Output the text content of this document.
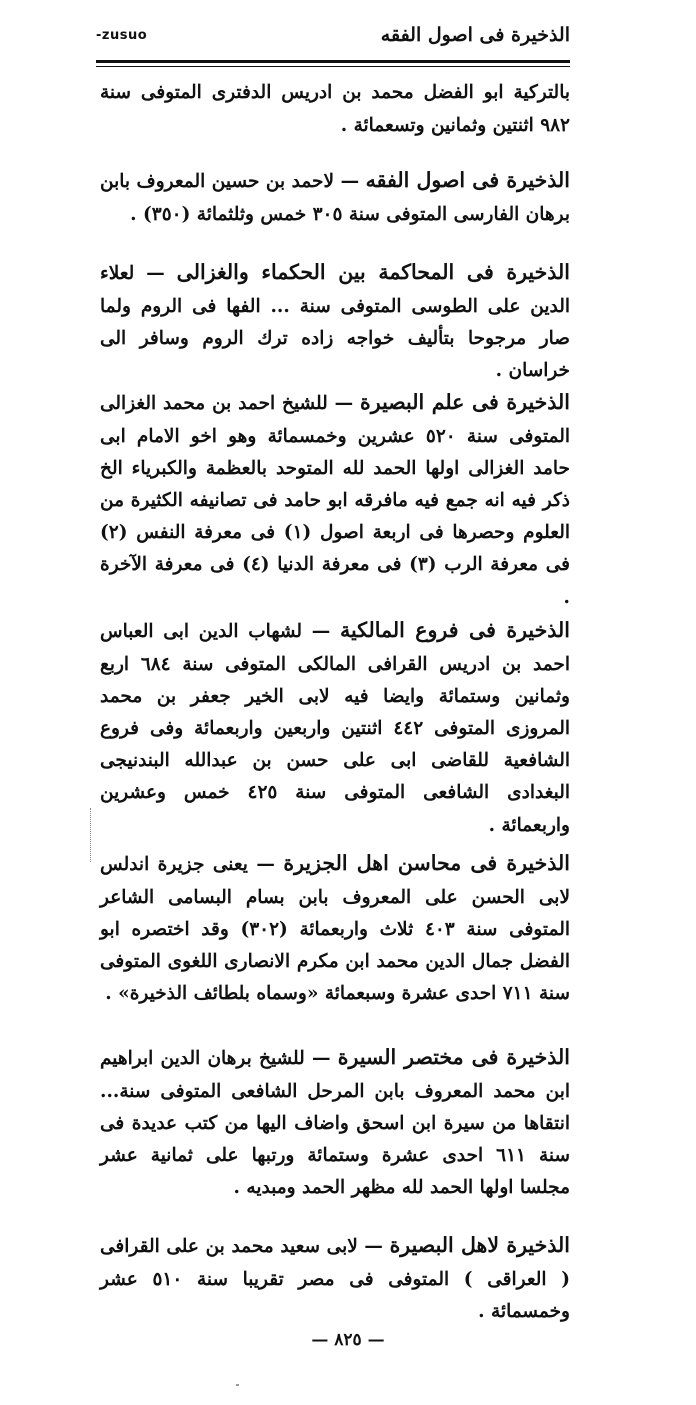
الذخيرة فى اصول الفقه
-zusuo

بالتركية ابو الفضل محمد بن ادريس الدفترى المتوفى سنة ٩٨٢ اثنتين وثمانين وتسعمائة .

الذخيرة فى اصول الفقه — لاحمد بن حسين المعروف بابن برهان الفارسى المتوفى سنة ٣٠٥ خمس وثلثمائة (٣٥٠) .

الذخيرة فى المحاكمة بين الحكماء والغزالى — لعلاء الدين على الطوسى المتوفى سنة ... الفها فى الروم ولما صار مرجوحا بتأليف خواجه زاده ترك الروم وسافر الى خراسان .

الذخيرة فى علم البصيرة — للشيخ احمد بن محمد الغزالى المتوفى سنة ٥٢٠ عشرين وخمسمائة وهو اخو الامام ابى حامد الغزالى اولها الحمد لله المتوحد بالعظمة والكبرياء الخ ذكر فيه انه جمع فيه مافرقه ابو حامد فى تصانيفه الكثيرة من العلوم وحصرها فى اربعة اصول (١) فى معرفة النفس (٢) فى معرفة الرب (٣) فى معرفة الدنيا (٤) فى معرفة الآخرة .

الذخيرة فى فروع المالكية — لشهاب الدين ابى العباس احمد بن ادريس القرافى المالكى المتوفى سنة ٦٨٤ اربع وثمانين وستمائة وايضا فيه لابى الخير جعفر بن محمد المروزى المتوفى ٤٤٢ اثنتين واربعين واربعمائة وفى فروع الشافعية للقاضى ابى على حسن بن عبدالله البندنيجى البغدادى الشافعى المتوفى سنة ٤٢٥ خمس وعشرين واربعمائة .

الذخيرة فى محاسن اهل الجزيرة — يعنى جزيرة اندلس لابى الحسن على المعروف بابن بسام البسامى الشاعر المتوفى سنة ٤٠٣ ثلاث واربعمائة (٣٠٢) وقد اختصره ابو الفضل جمال الدين محمد ابن مكرم الانصارى اللغوى المتوفى سنة ٧١١ احدى عشرة وسبعمائة «وسماه بلطائف الذخيرة» .

الذخيرة فى مختصر السيرة — للشيخ برهان الدين ابراهيم ابن محمد المعروف بابن المرحل الشافعى المتوفى سنة... انتقاها من سيرة ابن اسحق واضاف اليها من كتب عديدة فى سنة ٦١١ احدى عشرة وستمائة ورتبها على ثمانية عشر مجلسا اولها الحمد لله مظهر الحمد ومبديه .

الذخيرة لاهل البصيرة — لابى سعيد محمد بن على القرافى ( العراقى ) المتوفى فى مصر تقريبا سنة ٥١٠ عشر وخمسمائة .

— ٨٢٥ —
